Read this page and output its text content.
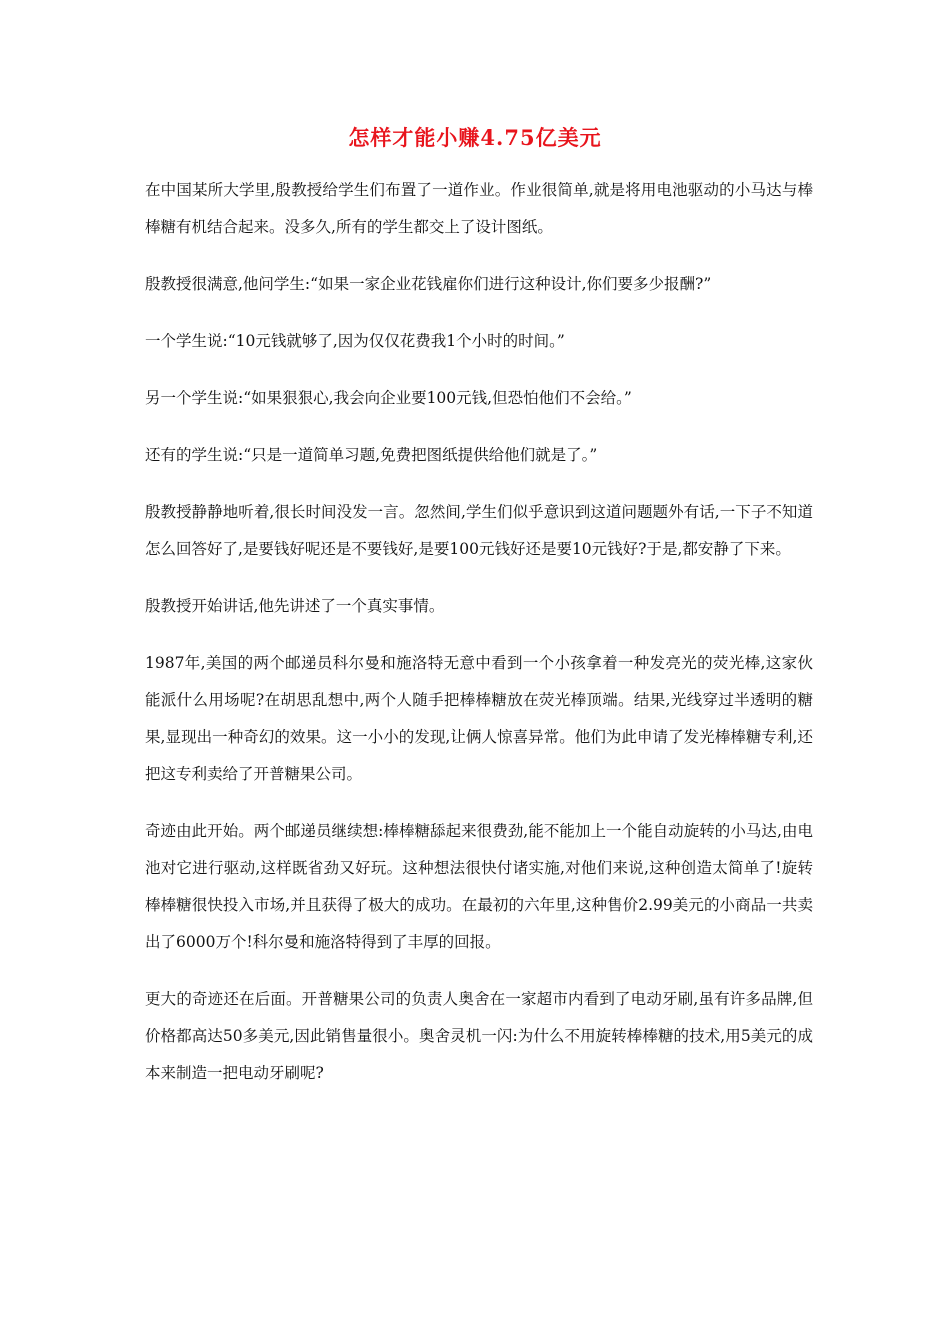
怎样才能小赚4.75亿美元

在中国某所大学里,殷教授给学生们布置了一道作业。作业很简单,就是将用电池驱动的小马达与棒棒糖有机结合起来。没多久,所有的学生都交上了设计图纸。

殷教授很满意,他问学生:“如果一家企业花钱雇你们进行这种设计,你们要多少报酬?”

一个学生说:“10元钱就够了,因为仅仅花费我1个小时的时间。”

另一个学生说:“如果狠狠心,我会向企业要100元钱,但恐怕他们不会给。”

还有的学生说:“只是一道简单习题,免费把图纸提供给他们就是了。”

殷教授静静地听着,很长时间没发一言。忽然间,学生们似乎意识到这道问题题外有话,一下子不知道怎么回答好了,是要钱好呢还是不要钱好,是要100元钱好还是要10元钱好?于是,都安静了下来。

殷教授开始讲话,他先讲述了一个真实事情。

1987年,美国的两个邮递员科尔曼和施洛特无意中看到一个小孩拿着一种发亮光的荧光棒,这家伙能派什么用场呢?在胡思乱想中,两个人随手把棒棒糖放在荧光棒顶端。结果,光线穿过半透明的糖果,显现出一种奇幻的效果。这一小小的发现,让俩人惊喜异常。他们为此申请了发光棒棒糖专利,还把这专利卖给了开普糖果公司。

奇迹由此开始。两个邮递员继续想:棒棒糖舔起来很费劲,能不能加上一个能自动旋转的小马达,由电池对它进行驱动,这样既省劲又好玩。这种想法很快付诸实施,对他们来说,这种创造太简单了!旋转棒棒糖很快投入市场,并且获得了极大的成功。在最初的六年里,这种售价2.99美元的小商品一共卖出了6000万个!科尔曼和施洛特得到了丰厚的回报。

更大的奇迹还在后面。开普糖果公司的负责人奥舍在一家超市内看到了电动牙刷,虽有许多品牌,但价格都高达50多美元,因此销售量很小。奥舍灵机一闪:为什么不用旋转棒棒糖的技术,用5美元的成本来制造一把电动牙刷呢?
